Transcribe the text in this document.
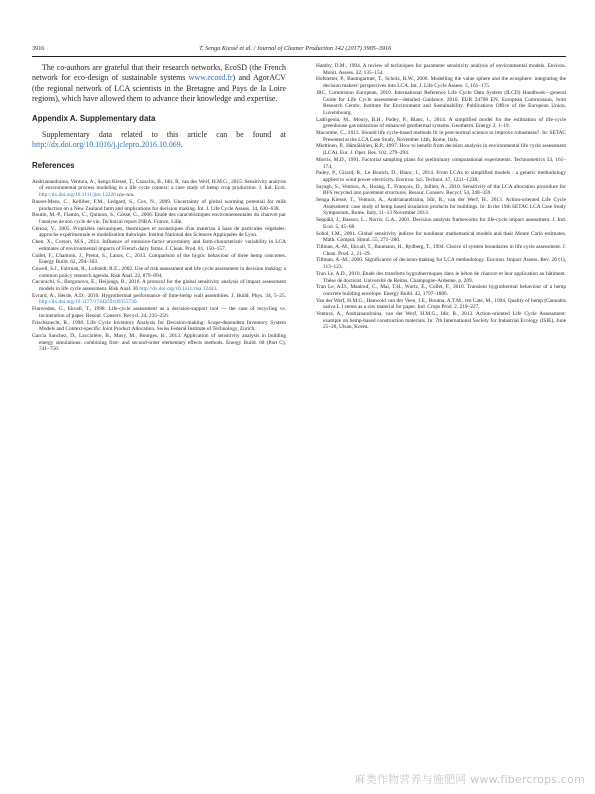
3916	T. Senga Kiessé et al. / Journal of Cleaner Production 142 (2017) 3905–3916

The co-authors are grateful that their research networks, EcoSD (the French network for eco-design of sustainable systems www.ecosd.fr) and AgorACV (the regional network of LCA scientists in the Bretagne and Pays de la Loire regions), which have allowed them to advance their knowledge and expertise.

Appendix A. Supplementary data

Supplementary data related to this article can be found at http://dx.doi.org/10.1016/j.jclepro.2016.10.069.

References

Andrianandraina, Ventura, A., Senga Kiessé, T., Cazacliu, B., Idir, R, van der Werf, H.M.G., 2015. Sensitivity analysis of environmental process modeling in a life cycle context: a case study of hemp crop production. J. Ind. Ecol. http://dx.doi.org/10.1111/jiec.12228 n/a–n/a.
Basset-Mens, C., Kelliher, F.M., Ledgard, S., Cox, N., 2009. Uncertainty of global warming potential for milk production on a New Zealand farm and implications for decision making. Int. J. Life Cycle Assess. 14, 630–638.
Boutin, M.-P., Flamin, C., Quinton, S., Gosse, G., 2006. Etude des caractéristiques environnementales du chanvre par l'analyse de son cycle de vie. Technical report INRA. France, Lille.
Cérézo, V., 2005. Propriétés mécaniques, thermiques et acoustiques d'un matériau à base de particules végétales: approche expérimentale et modélisation théorique. Institut National des Sciences Appliquées de Lyon.
Chen, X., Corson, M.S., 2014. Influence of emission-factor uncertainty and farm-characteristic variability in LCA estimates of environmental impacts of French dairy farms. J. Clean. Prod. 81, 150–157.
Collet, F., Chamoin, J., Pretot, S., Lanos, C., 2013. Comparison of the hygric behaviour of three hemp concretes. Energy Build. 62, 294–303.
Cowell, S.J., Fairman, R., Lofstedt, R.E., 2002. Use of risk assessment and life cycle assessment in decision making: a common policy research agenda. Risk Anal. 22, 879–894.
Cucurachi, S., Borgonovo, E., Heijungs, R., 2016. A protocol for the global sensitivity analysis of impact assessment models in life cycle assessment. Risk Anal. 36 http://dx.doi.org/10.1111/risa.12443.
Evrard, A., Herde, A.D., 2010. Hygrothermal performance of lime-hemp wall assemblies. J. Build. Phys. 34, 5–25. http://dx.doi.org/10.1177/1744259109355730.
Finnveden, G., Ekvall, T., 1998. Life-cycle assessment as a decision-support tool — the case of recycling vs. incineration of paper. Resour. Conserv. Recycl. 24, 235–256.
Frischknecht, R., 1998. Life Cycle Inventory Analysis for Decision-making: Scope-dependent Inventory System Models and Context-specific Joint Product Allocation. Swiss Federal Institute of Technology, Zurich.
Garcia Sanchez, D., Laccarière, B., Musy, M., Bourges, B., 2013. Application of sensitivity analysis in building energy simulations: combining first- and second-order elementary effects methods. Energy Build. 68 (Part C), 741–750.
Hamby, D.M., 1994. A review of techniques for parameter sensitivity analysis of environmental models. Environ. Monit. Assess. 32, 135–154.
Hofstetter, P., Baumgartner, T., Scholz, R.W., 2000. Modelling the value sphere and the ecosphere: integrating the decision makers' perspectives into LCA. Int. J. Life Cycle Assess. 5, 161–175.
JRC, Commision European, 2010. International Reference Life Cycle Data System (ILCD) Handbook—general Guide for Life Cycle assessment—detailed Guidance. 2010. EUR 24708 EN. European Commission, Joint Research Centre. Institute for Environment and Sustainability. Publications Office of the European Union, Luxembourg.
Ladrigeola, M., Moury, B.H., Padey, P., Blanc, I., 2014. A simplified model for the estimation of life-cycle greenhouse gas emissions of enhanced geothermal systems. Geotherm. Energy 2, 1–19.
Macombe, C., 2013. Should life cycle-based methods fit in post-normal science to improve robustness?. In: SETAC Presented at the LCA Case Study, November 14th, Rome, Italy.
Miettinen, P., Hämäläinen, R.P., 1997. How to benefit from decision analysis in environmental life cycle assessment (LCA). Eur. J. Oper. Res. 102, 279–294.
Morris, M.D., 1991. Factorial sampling plans for preliminary computational experiments. Technometrics 33, 161–174.
Padey, P., Girard, R., Le Boulch, D., Blanc, I., 2014. From LCAs to simplified models : a generic methodology applied to wind power electricity. Environ. Sci. Technol. 47, 1231–1238.
Sayagh, S., Ventura, A., Hoang, T., François, D., Jullien, A., 2010. Sensitivity of the LCA allocation procedure for BFS recycled into pavement structures. Resour. Conserv. Recycl. 54, 348–359.
Senga Kiessé, T., Ventura, A., Andrianandraina, Idir, R., van der Werf, H., 2013. Action-oriented Life Cycle Assessment: case study of hemp based insulation products for buildings. In: In the 19th SETAC LCA Case Study Symposium, Rome, Italy, 11–13 November 2013.
Seppälä, J., Basson, L., Norris, G.A., 2001. Decision analysis frameworks for life-cycle impact assessment. J. Ind. Ecol. 5, 45–68.
Sobol, I.M., 2001. Global sensitivity indices for nonlinear mathematical models and their Monte Carlo estimates. Math. Comput. Simul. 55, 271–280.
Tillman, A.-M., Ekvall, T., Baumann, H., Rydberg, T., 1994. Choice of system boundaries in life cycle assessment. J. Clean. Prod. 2, 21–29.
Tillman, A.-M., 2000. Significance of decision-making for LCA methodology. Environ. Impact Assess. Rev. 20 (1), 113–123.
Tran Le, A.D., 2010. Etude des transferts hygrothermiques dans le béton de chanvre et leur application au bâtiment. Thèse de doctorat. Université de Reims, Champagne-Ardenne, p. 209.
Tran Le, A.D., Maalouf, C., Mai, T.H., Wurtz, E., Collet, F., 2010. Transient hygrothermal behaviour of a hemp concrete building envelope. Energy Build. 42, 1797–1806.
Van der Werf, H.M.G., Hanwold van der Veen, J.E., Bouma, A.T.M., ten Cate, M., 1994. Quality of hemp (Cannabis sativa L.) stems as a raw material for paper. Ind. Crops Prod. 2, 219–227.
Ventura, A., Andrianandraina, van der Werf, H.M.G., Idir, R., 2013. Action-oriented Life Cycle Assessment: example on hemp-based construction materials. In: 7th International Society for Industrial Ecology (ISIE), June 25–28, Ulsan, Korea.
麻类作物营养与施肥网 www.fibercrops.com
